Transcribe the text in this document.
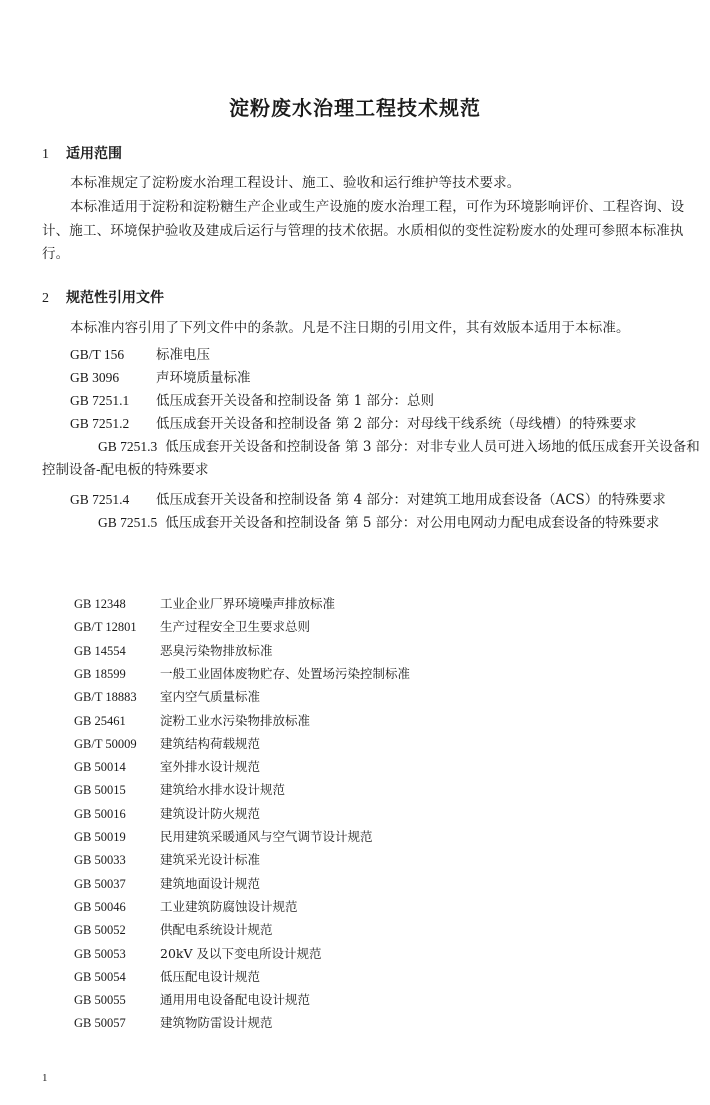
淀粉废水治理工程技术规范
1 适用范围
本标准规定了淀粉废水治理工程设计、施工、验收和运行维护等技术要求。
本标准适用于淀粉和淀粉糖生产企业或生产设施的废水治理工程，可作为环境影响评价、工程咨询、设计、施工、环境保护验收及建成后运行与管理的技术依据。水质相似的变性淀粉废水的处理可参照本标准执行。
2 规范性引用文件
本标准内容引用了下列文件中的条款。凡是不注日期的引用文件，其有效版本适用于本标准。
GB/T 156 标准电压
GB 3096	声环境质量标准
GB 7251.1 低压成套开关设备和控制设备 第 1 部分：总则
GB 7251.2 低压成套开关设备和控制设备 第 2 部分：对母线干线系统（母线槽）的特殊要求
GB 7251.3 低压成套开关设备和控制设备 第 3 部分：对非专业人员可进入场地的低压成套开关设备和控制设备-配电板的特殊要求
GB 7251.4 低压成套开关设备和控制设备 第 4 部分：对建筑工地用成套设备（ACS）的特殊要求
GB 7251.5 低压成套开关设备和控制设备 第 5 部分：对公用电网动力配电成套设备的特殊要求
GB 12348	工业企业厂界环境噪声排放标准
GB/T 12801 生产过程安全卫生要求总则
GB 14554	恶臭污染物排放标准
GB 18599	一般工业固体废物贮存、处置场污染控制标准
GB/T 18883 室内空气质量标准
GB 25461	淀粉工业水污染物排放标准
GB/T 50009 建筑结构荷载规范
GB 50014	室外排水设计规范
GB 50015	建筑给水排水设计规范
GB 50016	建筑设计防火规范
GB 50019	民用建筑采暖通风与空气调节设计规范
GB 50033	建筑采光设计标准
GB 50037	建筑地面设计规范
GB 50046	工业建筑防腐蚀设计规范
GB 50052	供配电系统设计规范
GB 50053	20kV 及以下变电所设计规范
GB 50054	低压配电设计规范
GB 50055	通用用电设备配电设计规范
GB 50057	建筑物防雷设计规范
1
